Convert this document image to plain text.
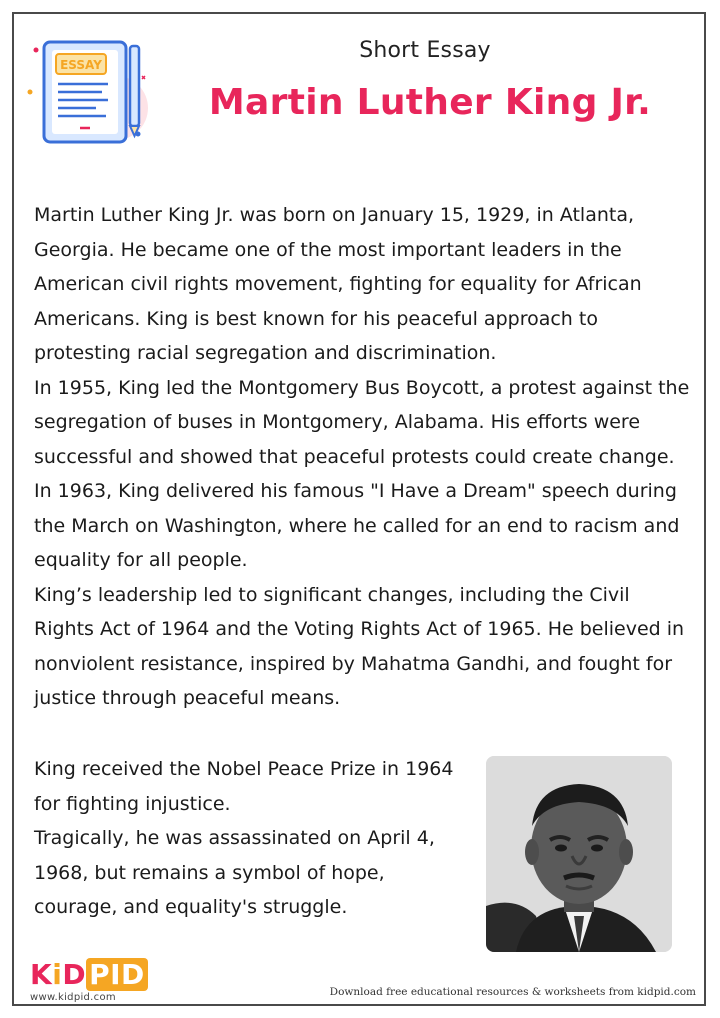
ESSAY
Short Essay
Martin Luther King Jr.

Martin Luther King Jr. was born on January 15, 1929, in Atlanta, Georgia. He became one of the most important leaders in the American civil rights movement, fighting for equality for African Americans. King is best known for his peaceful approach to protesting racial segregation and discrimination.

In 1955, King led the Montgomery Bus Boycott, a protest against the segregation of buses in Montgomery, Alabama. His efforts were successful and showed that peaceful protests could create change. In 1963, King delivered his famous "I Have a Dream" speech during the March on Washington, where he called for an end to racism and equality for all people.

King’s leadership led to significant changes, including the Civil Rights Act of 1964 and the Voting Rights Act of 1965. He believed in nonviolent resistance, inspired by Mahatma Gandhi, and fought for justice through peaceful means.

King received the Nobel Peace Prize in 1964 for fighting injustice.

Tragically, he was assassinated on April 4, 1968, but remains a symbol of hope, courage, and equality's struggle.

KiD PID
www.kidpid.com	Download free educational resources & worksheets from kidpid.com
